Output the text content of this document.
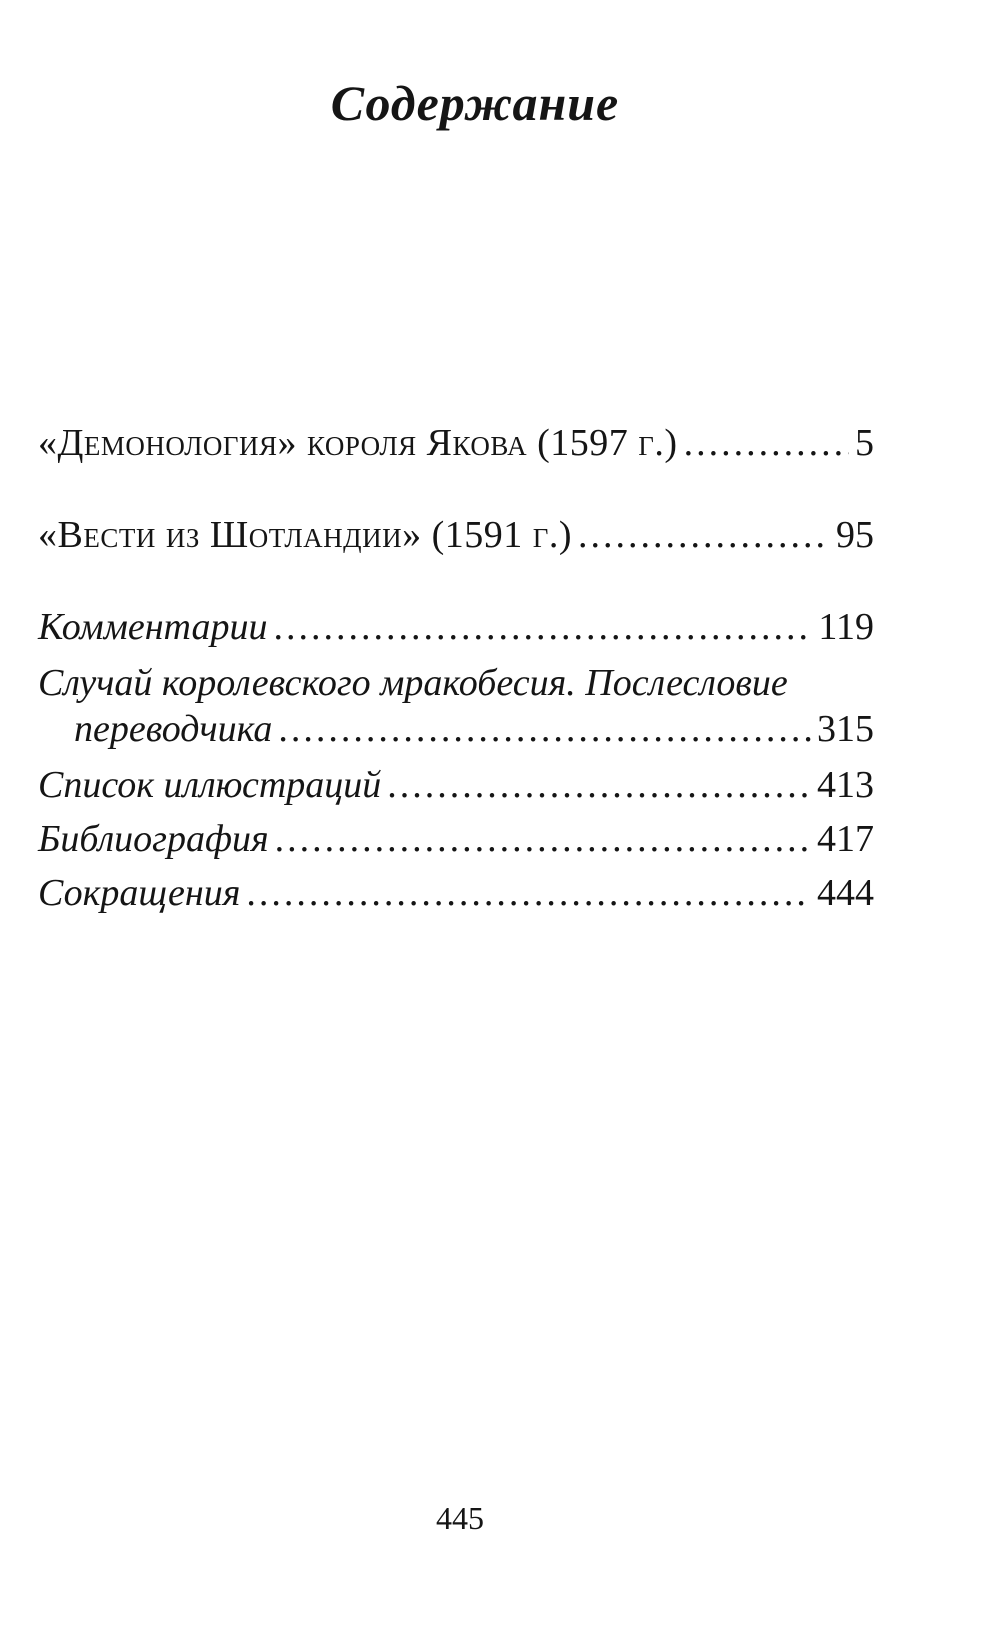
Содержание
«Демонология» короля Якова (1597 г.) .....	5
«Вести из Шотландии» (1591 г.) .....	95
Комментарии .....	119
Случай королевского мракобесия. Послесловие
переводчика .....	315
Список иллюстраций .....	413
Библиография .....	417
Сокращения .....	444
445
